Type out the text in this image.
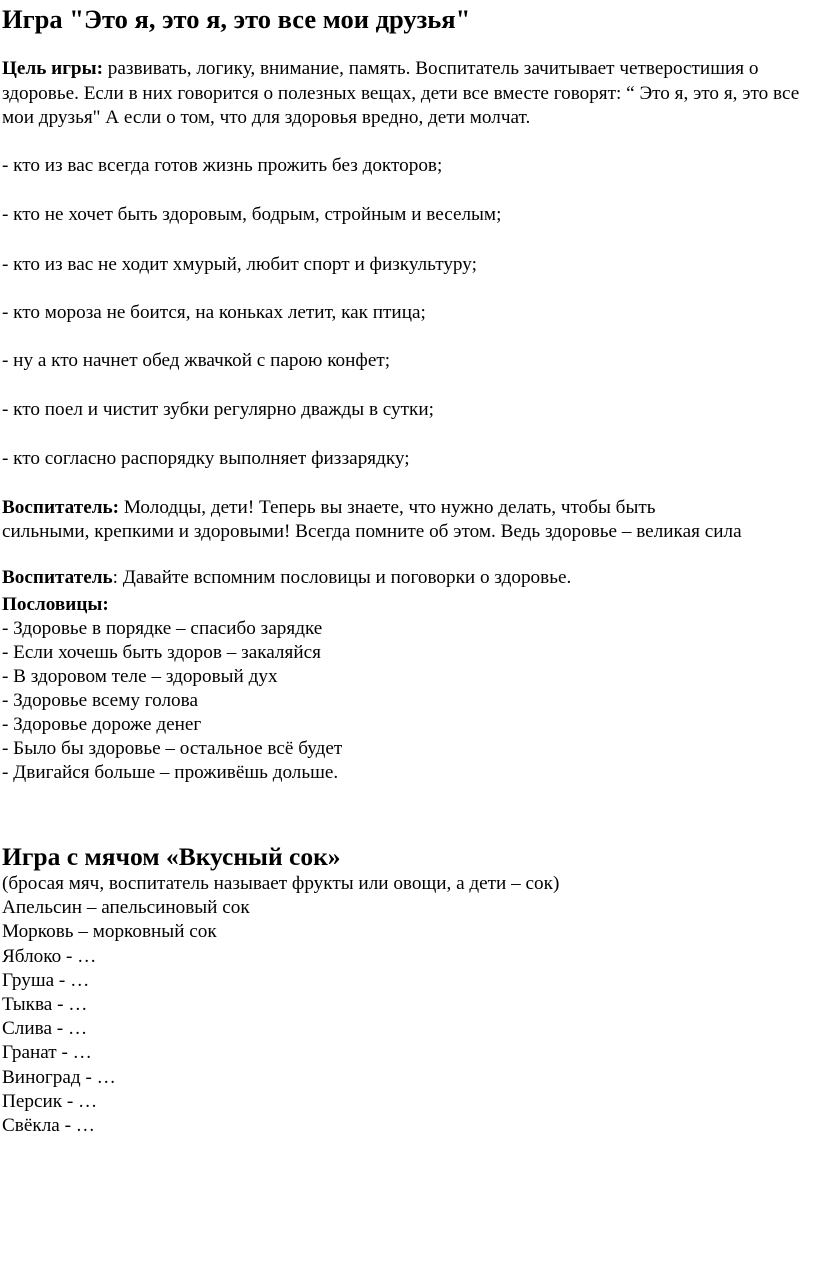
Игра "Это я, это я, это все мои друзья"
Цель игры: развивать, логику, внимание, память. Воспитатель зачитывает четверостишия о здоровье. Если в них говорится о полезных вещах, дети все вместе говорят: “ Это я, это я, это все мои друзья" А если о том, что для здоровья вредно, дети молчат.
- кто из вас всегда готов жизнь прожить без докторов;
- кто не хочет быть здоровым, бодрым, стройным и веселым;
- кто из вас не ходит хмурый, любит спорт и физкультуру;
- кто мороза не боится, на коньках летит, как птица;
- ну а кто начнет обед жвачкой с парою конфет;
- кто поел и чистит зубки регулярно дважды в сутки;
- кто согласно распорядку выполняет физзарядку;
Воспитатель: Молодцы, дети! Теперь вы знаете, что нужно делать, чтобы быть
сильными, крепкими и здоровыми! Всегда помните об этом. Ведь здоровье – великая сила
Воспитатель: Давайте вспомним пословицы и поговорки о здоровье.
Пословицы:
- Здоровье в порядке – спасибо зарядке
- Если хочешь быть здоров – закаляйся
- В здоровом теле – здоровый дух
- Здоровье всему голова
- Здоровье дороже денег
- Было бы здоровье – остальное всё будет
- Двигайся больше – проживёшь дольше.
Игра с мячом «Вкусный сок»
(бросая мяч, воспитатель называет фрукты или овощи, а дети – сок)
Апельсин – апельсиновый сок
Морковь – морковный сок
Яблоко - …
Груша - …
Тыква - …
Слива - …
Гранат - …
Виноград - …
Персик - …
Свёкла - …
